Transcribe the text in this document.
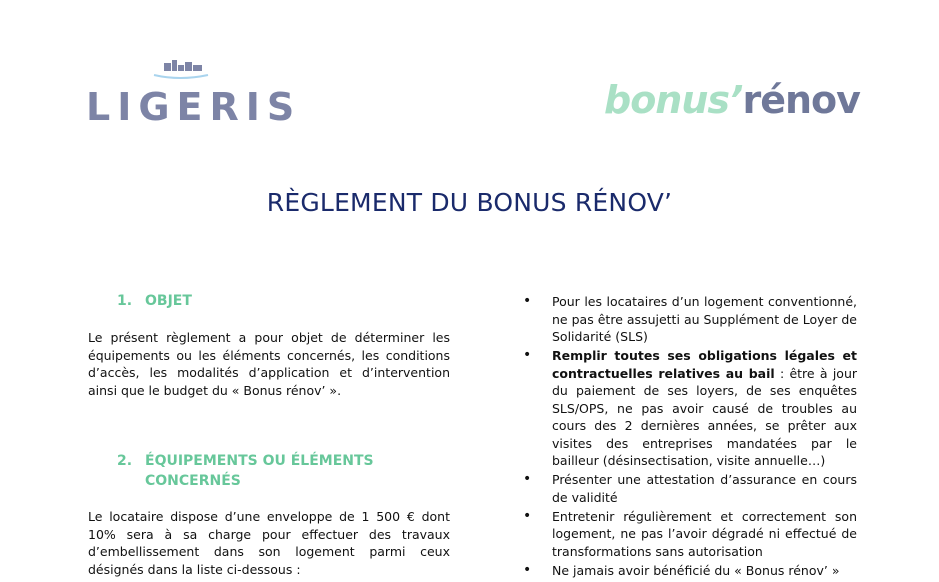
LIGERIS	bonus’rénov
RÈGLEMENT DU BONUS RÉNOV’
1. OBJET
Le présent règlement a pour objet de déterminer les équipements ou les éléments concernés, les conditions d’accès, les modalités d’application et d’intervention ainsi que le budget du « Bonus rénov’ ».
2. ÉQUIPEMENTS OU ÉLÉMENTS
CONCERNÉS
Le locataire dispose d’une enveloppe de 1 500 € dont 10% sera à sa charge pour effectuer des travaux d’embellissement dans son logement parmi ceux désignés dans la liste ci-dessous :
• Pour les locataires d’un logement conventionné, ne pas être assujetti au Supplément de Loyer de Solidarité (SLS)
• Remplir toutes ses obligations légales et contractuelles relatives au bail : être à jour du paiement de ses loyers, de ses enquêtes SLS/OPS, ne pas avoir causé de troubles au cours des 2 dernières années, se prêter aux visites des entreprises mandatées par le bailleur (désinsectisation, visite annuelle…)
• Présenter une attestation d’assurance en cours de validité
• Entretenir régulièrement et correctement son logement, ne pas l’avoir dégradé ni effectué de transformations sans autorisation
• Ne jamais avoir bénéficié du « Bonus rénov’ »
